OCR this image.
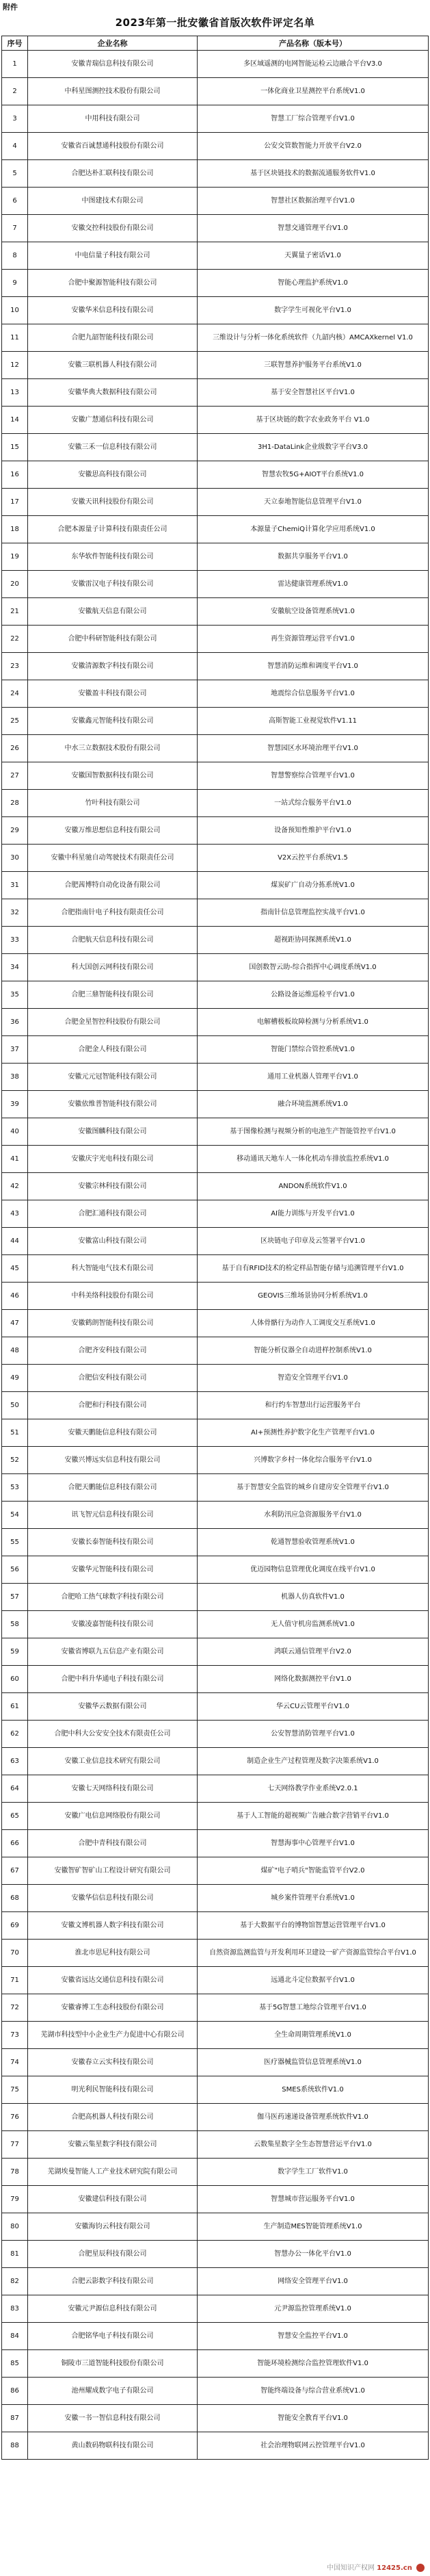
附件
2023年第一批安徽省首版次软件评定名单
序号	企业名称	产品名称（版本号）
1	安徽青瑞信息科技有限公司	多区域遥测的电网智能运检云边融合平台V3.0
2	中科星图测控技术股份有限公司	一体化商业卫星测控平台系统V1.0
3	中用科技有限公司	智慧工厂综合管理平台V1.0
4	安徽省百诚慧通科技股份有限公司	公安交管数智能力开放平台V2.0
5	合肥达朴汇联科技有限公司	基于区块链技术的数据流通服务软件V1.0
6	中图建技术有限公司	智慧社区数据治理平台V1.0
7	安徽交控科技股份有限公司	智慧交通管理平台V1.0
8	中电信量子科技有限公司	天翼量子密话V1.0
9	合肥中聚源智能科技有限公司	智能心理监护系统V1.0
10	安徽华米信息科技有限公司	数字学生可视化平台V1.0
11	合肥九韶智能科技有限公司	三维设计与分析一体化系统软件（九韶内核）AMCAXkernel V1.0
12	安徽三联机器人科技有限公司	三联智慧养护服务平台系统V1.0
13	安徽华典大数据科技有限公司	基于安全智慧社区平台V1.0
14	安徽广慧通信科技有限公司	基于区块链的数字农业政务平台 V1.0
15	安徽三禾一信息科技有限公司	3H1-DataLink企业级数字平台V3.0
16	安徽思高科技有限公司	智慧农牧5G+AIOT平台系统V1.0
17	安徽天讯科技股份有限公司	天立泰地智能信息管理平台V1.0
18	合肥本源量子计算科技有限责任公司	本源量子ChemiQ计算化学应用系统V1.0
19	东华软件智能科技有限公司	数据共享服务平台V1.0
20	安徽雷汉电子科技有限公司	雷达健康管理系统V1.0
21	安徽航天信息有限公司	安徽航空设备管理系统V1.0
22	合肥中科研智能科技有限公司	再生资源管理运营平台V1.0
23	安徽清源数字科技有限公司	智慧消防运维和调度平台V1.0
24	安徽盈丰科技有限公司	地震综合信息服务平台V1.0
25	安徽鑫元智能科技有限公司	高斯智能工业视觉软件V1.11
26	中水三立数据技术股份有限公司	智慧园区水环境治理平台V1.0
27	安徽国智数据科技有限公司	智慧警察综合管理平台V1.0
28	竹叶科技有限公司	一站式综合服务平台V1.0
29	安徽万维思想信息科技有限公司	设备预知性维护平台V1.0
30	安徽中科星驰自动驾驶技术有限责任公司	V2X云控平台系统V1.5
31	合肥茜博特自动化设备有限公司	煤炭矿广自动分拣系统V1.0
32	合肥指南针电子科技有限责任公司	指南针信息管理监控实战平台V1.0
33	合肥航天信息科技有限公司	超视距协同探测系统V1.0
34	科大国创云网科技有限公司	国创数智云助-综合指挥中心调度系统V1.0
35	合肥三鼎智能科技有限公司	公路设备运维巡检平台V1.0
36	合肥金星智控科技股份有限公司	电解槽极板故障检测与分析系统V1.0
37	合肥金人科技有限公司	智能门禁综合管控系统V1.0
38	安徽元元冠智能科技有限公司	通用工业机器人管理平台V1.0
39	安徽依维普智能科技有限公司	融合环境监测系统V1.0
40	安徽图麟科技有限公司	基于图像检测与视频分析的电池生产智能管控平台V1.0
41	安徽庆宇光电科技有限公司	移动通讯天地车人一体化机动车排放监控系统V1.0
42	安徽宗林科技有限公司	ANDON系统软件V1.0
43	合肥汇通科技有限公司	AI能力训练与开发平台V1.0
44	安徽富山科技有限公司	区块链电子印章及云签署平台V1.0
45	科大智能电气技术有限公司	基于自有RFID技术的检定样品智能存储与追溯管理平台V1.0
46	中科美络科技股份有限公司	GEOVIS三维场景协同分析系统V1.0
47	安徽鹤朗智能科技有限公司	人体骨骼行为动作人工调度交互系统V1.0
48	合肥齐安科技有限公司	智能分析仪器全自动进样控制系统V1.0
49	合肥信安科技有限公司	智造安全管理平台V1.0
50	合肥和行科技有限公司	和行约车智慧出行运营服务平台
51	安徽天鹏能信息科技有限公司	AI+预测性养护数字化生产管理平台V1.0
52	安徽兴博远实信息科技有限公司	兴博数字乡村一体化综合服务平台V1.0
53	合肥天鹏能信息科技有限公司	基于智慧安全监管的城乡自建房安全管理平台V1.0
54	讯飞智元信息科技有限公司	水利防汛应急资源服务平台V1.0
55	安徽长泰智能科技有限公司	乾通智慧验收管理系统V1.0
56	安徽华元智能科技有限公司	优迈园物信息管理优化调度在线平台V1.0
57	合肥哈工热气球数字科技有限公司	机器人仿真软件V1.0
58	安徽凌嘉智能科技有限公司	无人值守机房监测系统V1.0
59	安徽省博联九五信息产业有限公司	鸿联云通信管理平台V2.0
60	合肥中科升华通电子科技有限公司	网络化数据测控平台V1.0
61	安徽华云数据有限公司	华云CU云管理平台V1.0
62	合肥中科大公安安全技术有限责任公司	公安智慧消防管理平台V1.0
63	安徽工业信息技术研究有限公司	制造企业生产过程管理及数字决策系统V1.0
64	安徽七天网络科技有限公司	七天网络教学作业系统V2.0.1
65	安徽广电信息网络股份有限公司	基于人工智能的超视频广告融合数字营销平台V1.0
66	合肥中青科技有限公司	智慧海事中心管理平台V1.0
67	安徽智矿智矿山工程设计研究有限公司	煤矿"电子哨兵"智能监管平台V2.0
68	安徽华信信息科技有限公司	城乡案件管理平台系统V1.0
69	安徽文博机器人数字科技有限公司	基于大数据平台的博物馆智慧运营管理平台V1.0
70	淮北市思尼科技有限公司	自然资源监测监管与开发利用环卫建设一矿产资源监管综合平台V1.0
71	安徽省远达交通信息科技有限公司	远通北斗定位数据平台V1.0
72	安徽睿博工生态科技股份有限公司	基于5G智慧工地综合管理平台V1.0
73	芜湖市科技型中小企业生产力促进中心有限公司	全生命周期管理系统V1.0
74	安徽春立云实科技有限公司	医疗器械监管信息管理系统V1.0
75	明光利民智能科技有限公司	SMES系统软件V1.0
76	合肥高机器人科技有限公司	伽马医药速递设备管理系统软件V1.0
77	安徽云集星数字科技有限公司	云数集星数字全生态智慧营运平台V1.0
78	芜湖埃曼智能人工产业技术研究院有限公司	数字学生工厂软件V1.0
79	安徽建信科技有限公司	智慧城市营运服务平台V1.0
80	安徽海钧云科技有限公司	生产制造MES智能管理系统V1.0
81	合肥星辰科技有限公司	智慧办公一体化平台V1.0
82	合肥云影数字科技有限公司	网络安全管理平台V1.0
83	安徽元尹源信息科技有限公司	元尹源监控管理系统V1.0
84	合肥铭华电子科技有限公司	智慧安全监控平台V1.0
85	铜陵市三道智能科技股份有限公司	智能环境检测综合监控管理软件V1.0
86	池州耀成数字电子有限公司	智能终端设备与综合营业系统V1.0
87	安徽一书一智信息科技有限公司	智能安全教育平台V1.0
88	黄山数码物联科技有限公司	社会治理物联网云控管理平台V1.0
中国知识产权网 12425.cn
